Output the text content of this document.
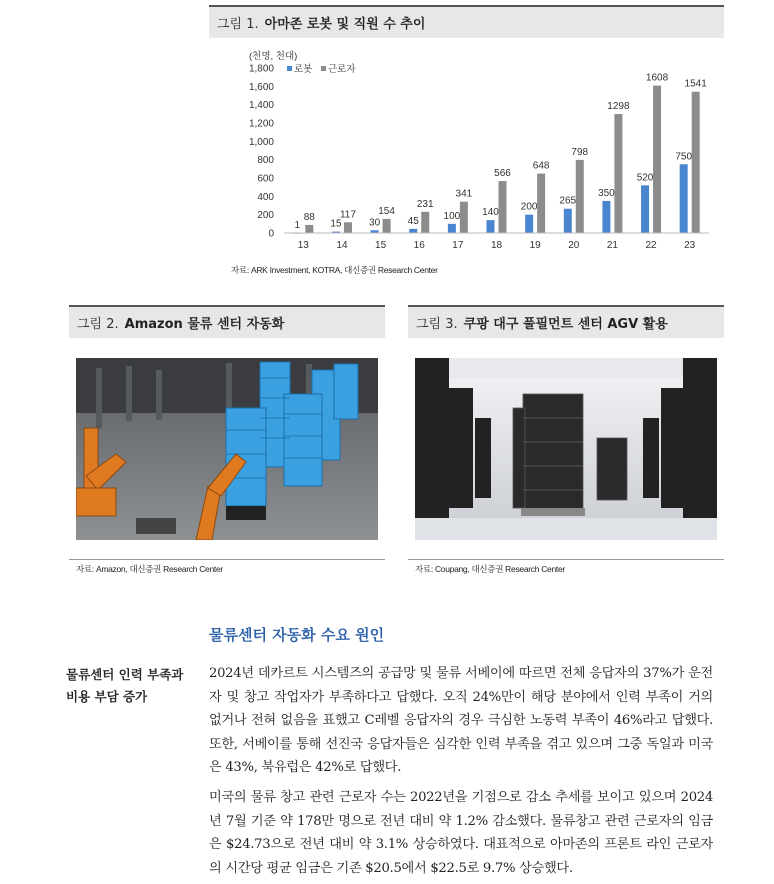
그림 1. 아마존 로봇 및 직원 수 추이
1,800
1,600
1,400
1,200
1,000
800
600
400
200
0
1
88
15
117
30
154
45
231
100
341
140
566
200
648
265
798
350
1298
520
1608
750
1541
13	14	15	16	17	18	19	20	21	22	23
로봇 근로자
(천명, 천대)
자료: ARK Investment, KOTRA, 대신증권 Research Center
그림 2. Amazon 물류 센터 자동화
자료: Amazon, 대신증권 Research Center
그림 3. 쿠팡 대구 풀필먼트 센터 AGV 활용
자료: Coupang, 대신증권 Research Center
물류센터 자동화 수요 원인
물류센터 인력 부족과
비용 부담 증가
2024년 데카르트 시스템즈의 공급망 및 물류 서베이에 따르면 전체 응답자의 37%가 운전자 및 창고 작업자가 부족하다고 답했다. 오직 24%만이 해당 분야에서 인력 부족이 거의 없거나 전혀 없음을 표했고 C레벨 응답자의 경우 극심한 노동력 부족이 46%라고 답했다. 또한, 서베이를 통해 선진국 응답자들은 심각한 인력 부족을 겪고 있으며 그중 독일과 미국은 43%, 북유럽은 42%로 답했다.
미국의 물류 창고 관련 근로자 수는 2022년을 기점으로 감소 추세를 보이고 있으며 2024년 7월 기준 약 178만 명으로 전년 대비 약 1.2% 감소했다. 물류창고 관련 근로자의 임금은 $24.73으로 전년 대비 약 3.1% 상승하였다. 대표적으로 아마존의 프론트 라인 근로자의 시간당 평균 임금은 기존 $20.5에서 $22.5로 9.7% 상승했다.
